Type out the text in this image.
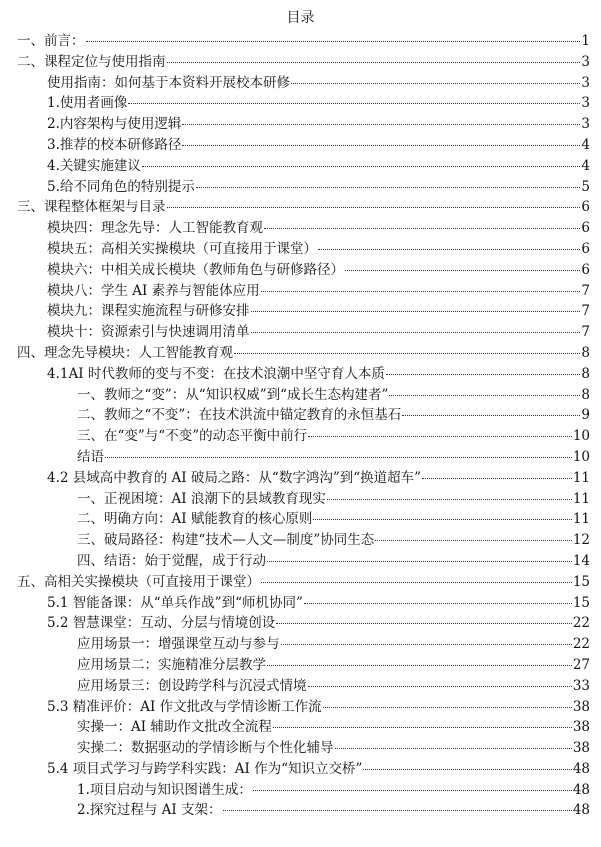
目录
一、前言：	1
二、课程定位与使用指南	3
使用指南：如何基于本资料开展校本研修	3
1.使用者画像	3
2.内容架构与使用逻辑	3
3.推荐的校本研修路径	4
4.关键实施建议	4
5.给不同角色的特别提示	5
三、课程整体框架与目录	6
模块四：理念先导：人工智能教育观	6
模块五：高相关实操模块（可直接用于课堂）	6
模块六：中相关成长模块（教师角色与研修路径）	6
模块八：学生 AI 素养与智能体应用	7
模块九：课程实施流程与研修安排	7
模块十：资源索引与快速调用清单	7
四、理念先导模块：人工智能教育观	8
4.1AI 时代教师的变与不变：在技术浪潮中坚守育人本质	8
一、教师之“变”：从“知识权威”到“成长生态构建者”	8
二、教师之“不变”：在技术洪流中锚定教育的永恒基石	9
三、在“变”与“不变”的动态平衡中前行	10
结语	10
4.2 县域高中教育的 AI 破局之路：从“数字鸿沟”到“换道超车”	11
一、正视困境：AI 浪潮下的县域教育现实	11
二、明确方向：AI 赋能教育的核心原则	11
三、破局路径：构建“技术—人文—制度”协同生态	12
四、结语：始于觉醒，成于行动	14
五、高相关实操模块（可直接用于课堂）	15
5.1 智能备课：从“单兵作战”到“师机协同”	15
5.2 智慧课堂：互动、分层与情境创设	22
应用场景一：增强课堂互动与参与	22
应用场景二：实施精准分层教学	27
应用场景三：创设跨学科与沉浸式情境	33
5.3 精准评价：AI 作文批改与学情诊断工作流	38
实操一：AI 辅助作文批改全流程	38
实操二：数据驱动的学情诊断与个性化辅导	38
5.4 项目式学习与跨学科实践：AI 作为“知识立交桥”	48
1.项目启动与知识图谱生成：	48
2.探究过程与 AI 支架：	48
